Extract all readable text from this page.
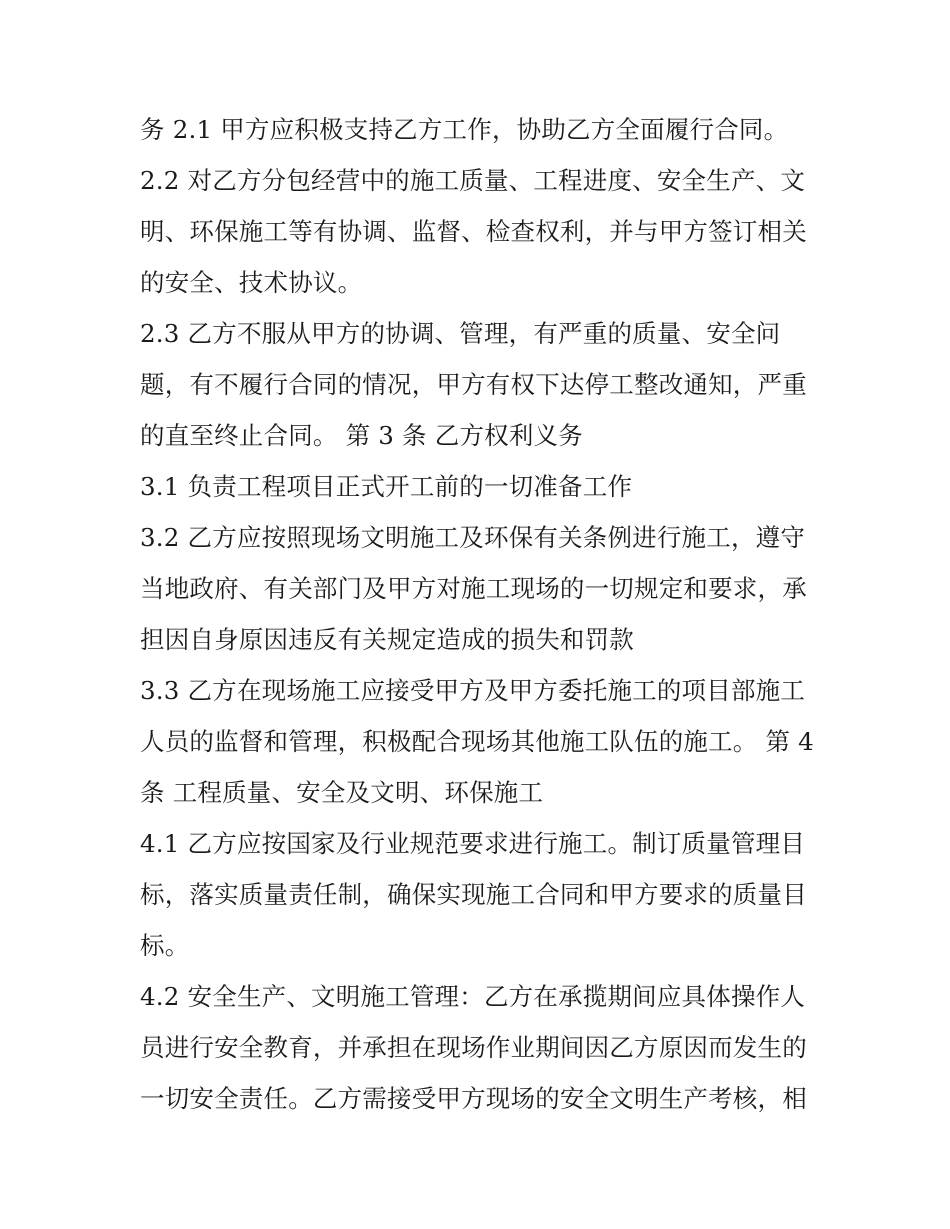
务 2.1 甲方应积极支持乙方工作，协助乙方全面履行合同。
2.2 对乙方分包经营中的施工质量、工程进度、安全生产、文
明、环保施工等有协调、监督、检查权利，并与甲方签订相关
的安全、技术协议。
2.3 乙方不服从甲方的协调、管理，有严重的质量、安全问
题，有不履行合同的情况，甲方有权下达停工整改通知，严重
的直至终止合同。 第 3 条 乙方权利义务
3.1 负责工程项目正式开工前的一切准备工作
3.2 乙方应按照现场文明施工及环保有关条例进行施工，遵守
当地政府、有关部门及甲方对施工现场的一切规定和要求，承
担因自身原因违反有关规定造成的损失和罚款
3.3 乙方在现场施工应接受甲方及甲方委托施工的项目部施工
人员的监督和管理，积极配合现场其他施工队伍的施工。 第 4
条 工程质量、安全及文明、环保施工
4.1 乙方应按国家及行业规范要求进行施工。制订质量管理目
标，落实质量责任制，确保实现施工合同和甲方要求的质量目
标。
4.2 安全生产、文明施工管理：乙方在承揽期间应具体操作人
员进行安全教育，并承担在现场作业期间因乙方原因而发生的
一切安全责任。乙方需接受甲方现场的安全文明生产考核，相
